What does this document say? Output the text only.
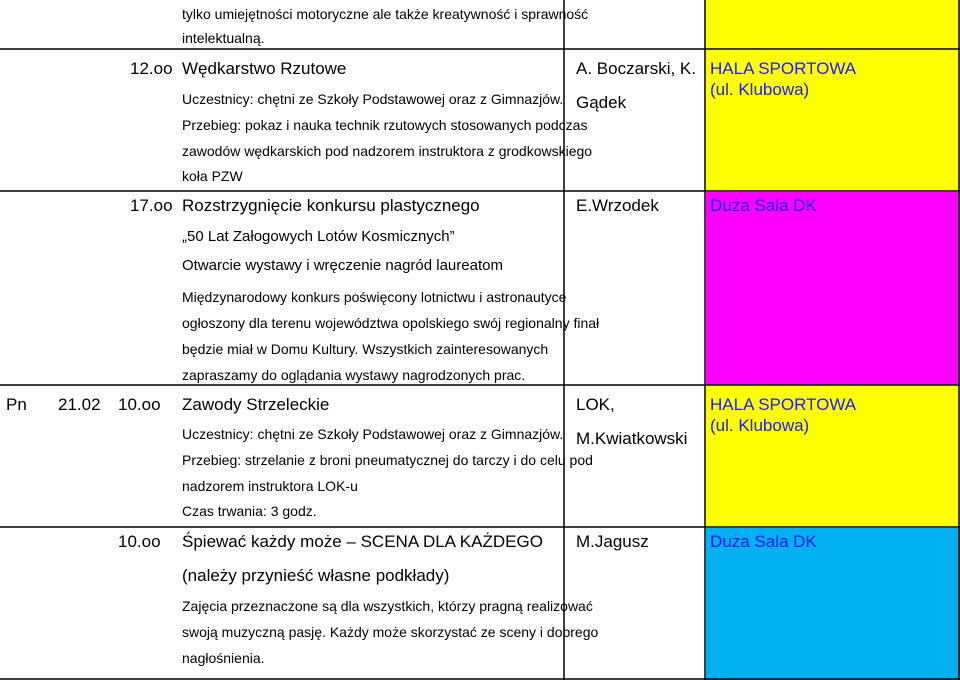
tylko umiejętności motoryczne ale także kreatywność i sprawność
intelektualną.
12.oo Wędkarstwo Rzutowe
Uczestnicy: chętni ze Szkoły Podstawowej oraz z Gimnazjów.
Przebieg: pokaz i nauka technik rzutowych stosowanych podczas
zawodów wędkarskich pod nadzorem instruktora z grodkowskiego
koła PZW
A. Boczarski, K.
Gądek
HALA SPORTOWA
(ul. Klubowa)
17.oo Rozstrzygnięcie konkursu plastycznego
„50 Lat Załogowych Lotów Kosmicznych”
Otwarcie wystawy i wręczenie nagród laureatom
Międzynarodowy konkurs poświęcony lotnictwu i astronautyce
ogłoszony dla terenu województwa opolskiego swój regionalny finał
będzie miał w Domu Kultury. Wszystkich zainteresowanych
zapraszamy do oglądania wystawy nagrodzonych prac.
E.Wrzodek	Duża Sala DK
Pn 21.02 10.oo Zawody Strzeleckie
Uczestnicy: chętni ze Szkoły Podstawowej oraz z Gimnazjów.
Przebieg: strzelanie z broni pneumatycznej do tarczy i do celu pod
nadzorem instruktora LOK-u
Czas trwania: 3 godz.
LOK,
M.Kwiatkowski
HALA SPORTOWA
(ul. Klubowa)
10.oo Śpiewać każdy może – SCENA DLA KAŻDEGO
(należy przynieść własne podkłady)
Zajęcia przeznaczone są dla wszystkich, którzy pragną realizować
swoją muzyczną pasję. Każdy może skorzystać ze sceny i dobrego
nagłośnienia.
M.Jagusz	Duża Sala DK
